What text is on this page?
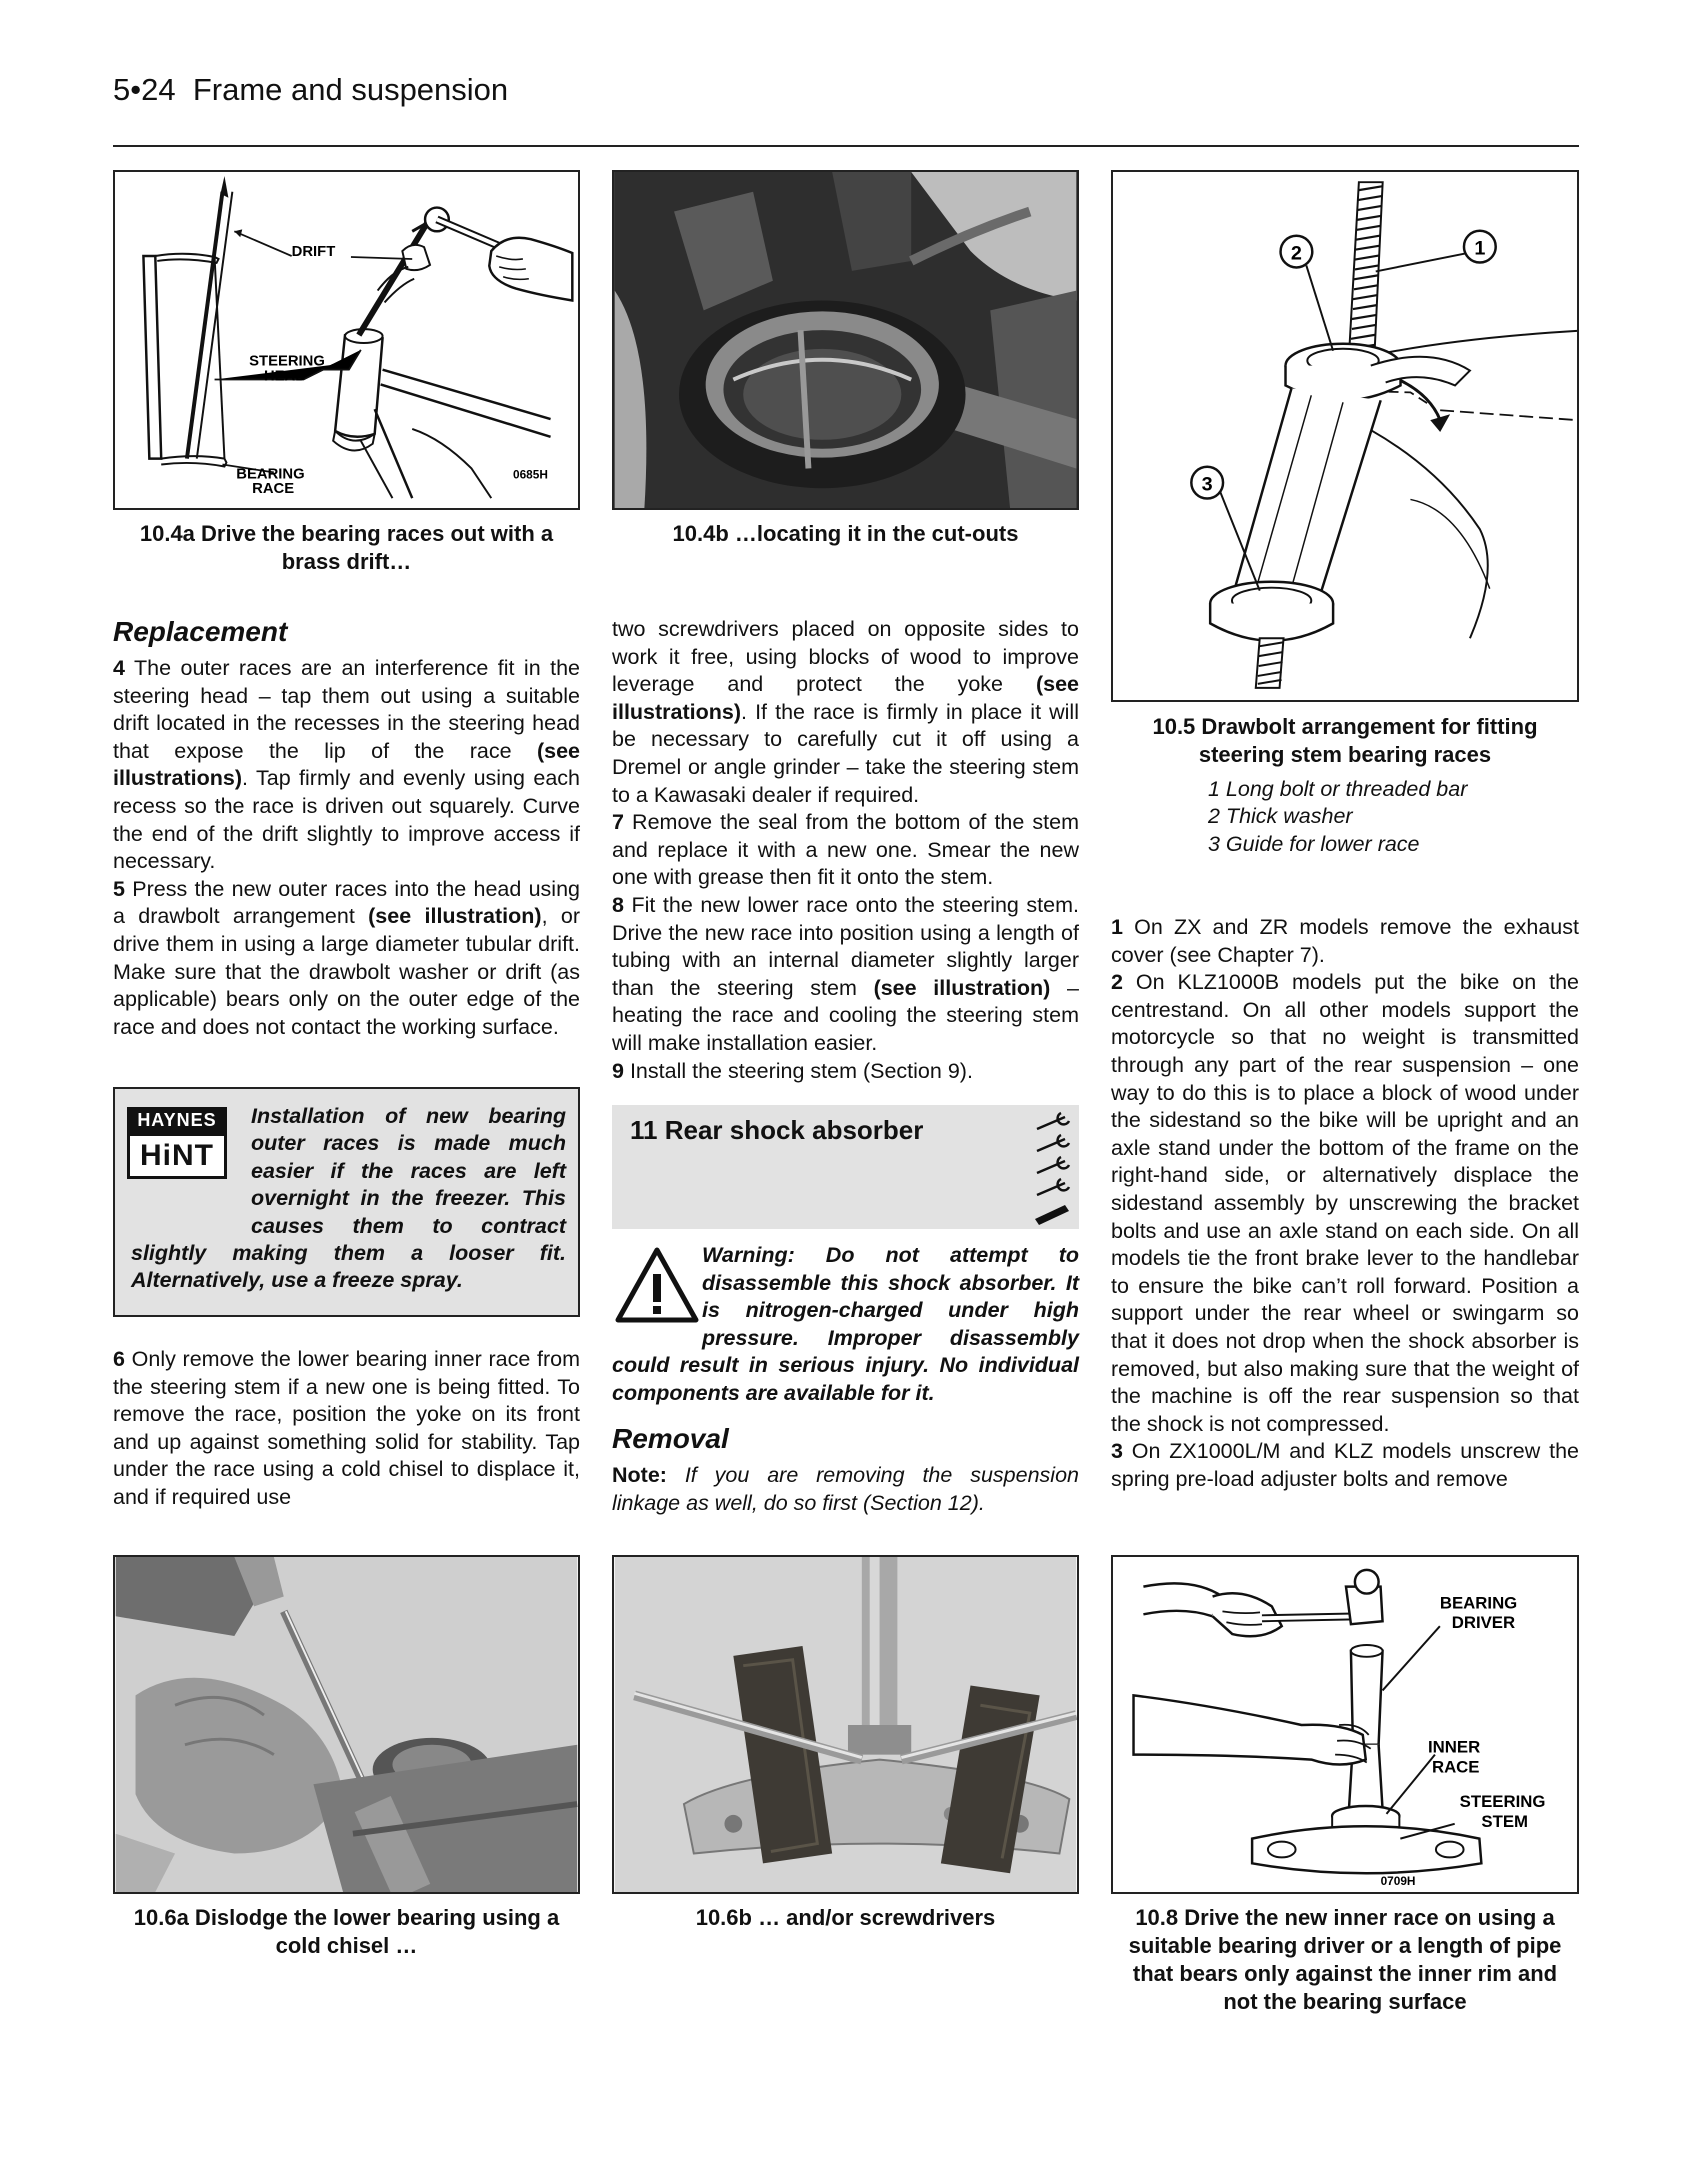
5•24 Frame and suspension
DRIFT
STEERING
HEAD
BEARING
RACE
0685H
10.4a Drive the bearing races out with a brass drift…
10.4b …locating it in the cut-outs
2	1
3
10.5 Drawbolt arrangement for fitting steering stem bearing races
1 Long bolt or threaded bar
2 Thick washer
3 Guide for lower race
Replacement

4 The outer races are an interference fit in the steering head – tap them out using a suitable drift located in the recesses in the steering head that expose the lip of the race (see illustrations). Tap firmly and evenly using each recess so the race is driven out squarely. Curve the end of the drift slightly to improve access if necessary.

5 Press the new outer races into the head using a drawbolt arrangement (see illustration), or drive them in using a large diameter tubular drift. Make sure that the drawbolt washer or drift (as applicable) bears only on the outer edge of the race and does not contact the working surface.

HAYNES
HiNT
Installation of new bearing outer races is made much easier if the races are left overnight in the freezer. This causes them to contract slightly making them a looser fit. Alternatively, use a freeze spray.

6 Only remove the lower bearing inner race from the steering stem if a new one is being fitted. To remove the race, position the yoke on its front and up against something solid for stability. Tap under the race using a cold chisel to displace it, and if required use

two screwdrivers placed on opposite sides to work it free, using blocks of wood to improve leverage and protect the yoke (see illustrations). If the race is firmly in place it will be necessary to carefully cut it off using a Dremel or angle grinder – take the steering stem to a Kawasaki dealer if required.

7 Remove the seal from the bottom of the stem and replace it with a new one. Smear the new one with grease then fit it onto the stem.

8 Fit the new lower race onto the steering stem. Drive the new race into position using a length of tubing with an internal diameter slightly larger than the steering stem (see illustration) – heating the race and cooling the steering stem will make installation easier.

9 Install the steering stem (Section 9).

11 Rear shock absorber
Warning: Do not attempt to disassemble this shock absorber. It is nitrogen-charged under high pressure. Improper disassembly could result in serious injury. No individual components are available for it.
Removal

Note: If you are removing the suspension linkage as well, do so first (Section 12).

1 On ZX and ZR models remove the exhaust cover (see Chapter 7).

2 On KLZ1000B models put the bike on the centrestand. On all other models support the motorcycle so that no weight is transmitted through any part of the rear suspension – one way to do this is to place a block of wood under the sidestand so the bike will be upright and an axle stand under the bottom of the frame on the right-hand side, or alternatively displace the sidestand assembly by unscrewing the bracket bolts and use an axle stand on each side. On all models tie the front brake lever to the handlebar to ensure the bike can’t roll forward. Position a support under the rear wheel or swingarm so that it does not drop when the shock absorber is removed, but also making sure that the weight of the machine is off the rear suspension so that the shock is not compressed.

3 On ZX1000L/M and KLZ models unscrew the spring pre-load adjuster bolts and remove

10.6a Dislodge the lower bearing using a cold chisel …
10.6b … and/or screwdrivers
BEARING
DRIVER
INNER
RACE
STEERING
STEM
0709H
10.8 Drive the new inner race on using a suitable bearing driver or a length of pipe that bears only against the inner rim and not the bearing surface
